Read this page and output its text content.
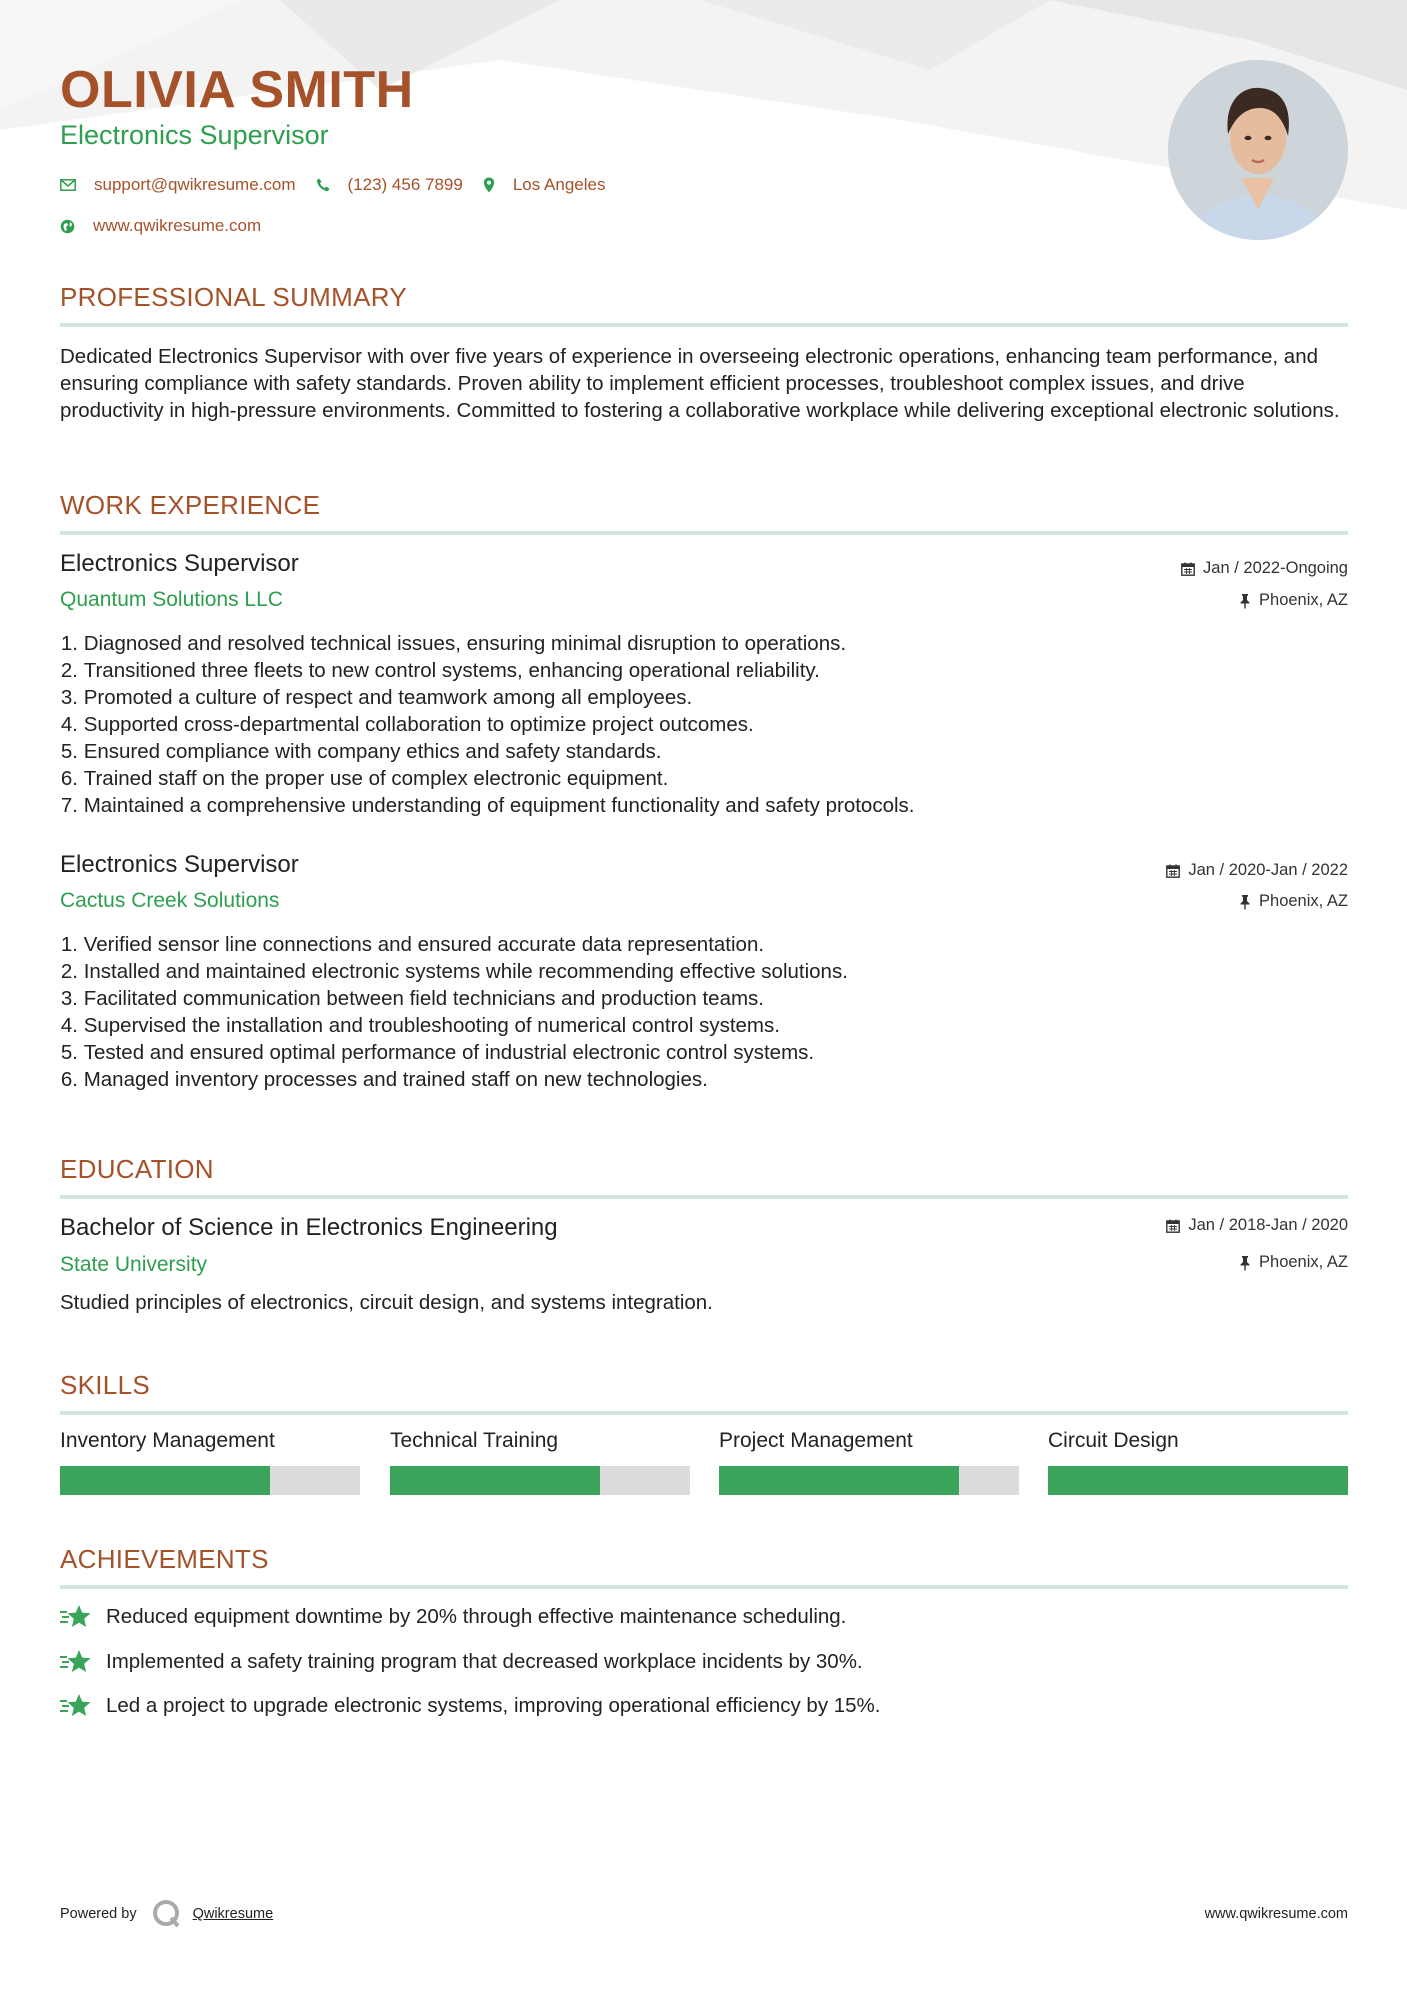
OLIVIA SMITH
Electronics Supervisor
support@qwikresume.com	(123) 456 7899	Los Angeles
www.qwikresume.com
PROFESSIONAL SUMMARY
Dedicated Electronics Supervisor with over five years of experience in overseeing electronic operations, enhancing team performance, and ensuring compliance with safety standards. Proven ability to implement efficient processes, troubleshoot complex issues, and drive productivity in high-pressure environments. Committed to fostering a collaborative workplace while delivering exceptional electronic solutions.
WORK EXPERIENCE
Electronics Supervisor
Quantum Solutions LLC
Jan / 2022-Ongoing
Phoenix, AZ
1.
Diagnosed and resolved technical issues, ensuring minimal disruption to operations.
2.
Transitioned three fleets to new control systems, enhancing operational reliability.
3.
Promoted a culture of respect and teamwork among all employees.
4.
Supported cross-departmental collaboration to optimize project outcomes.
5.
Ensured compliance with company ethics and safety standards.
6.
Trained staff on the proper use of complex electronic equipment.
7.
Maintained a comprehensive understanding of equipment functionality and safety protocols.
Electronics Supervisor
Cactus Creek Solutions
Jan / 2020-Jan / 2022
Phoenix, AZ
1.
Verified sensor line connections and ensured accurate data representation.
2.
Installed and maintained electronic systems while recommending effective solutions.
3.
Facilitated communication between field technicians and production teams.
4.
Supervised the installation and troubleshooting of numerical control systems.
5.
Tested and ensured optimal performance of industrial electronic control systems.
6.
Managed inventory processes and trained staff on new technologies.
EDUCATION
Bachelor of Science in Electronics Engineering
State University
Jan / 2018-Jan / 2020
Phoenix, AZ
Studied principles of electronics, circuit design, and systems integration.
SKILLS
Inventory Management	Technical Training	Project Management	Circuit Design
ACHIEVEMENTS
Reduced equipment downtime by 20% through effective maintenance scheduling.
Implemented a safety training program that decreased workplace incidents by 30%.
Led a project to upgrade electronic systems, improving operational efficiency by 15%.
Powered by	Qwikresume	www.qwikresume.com
